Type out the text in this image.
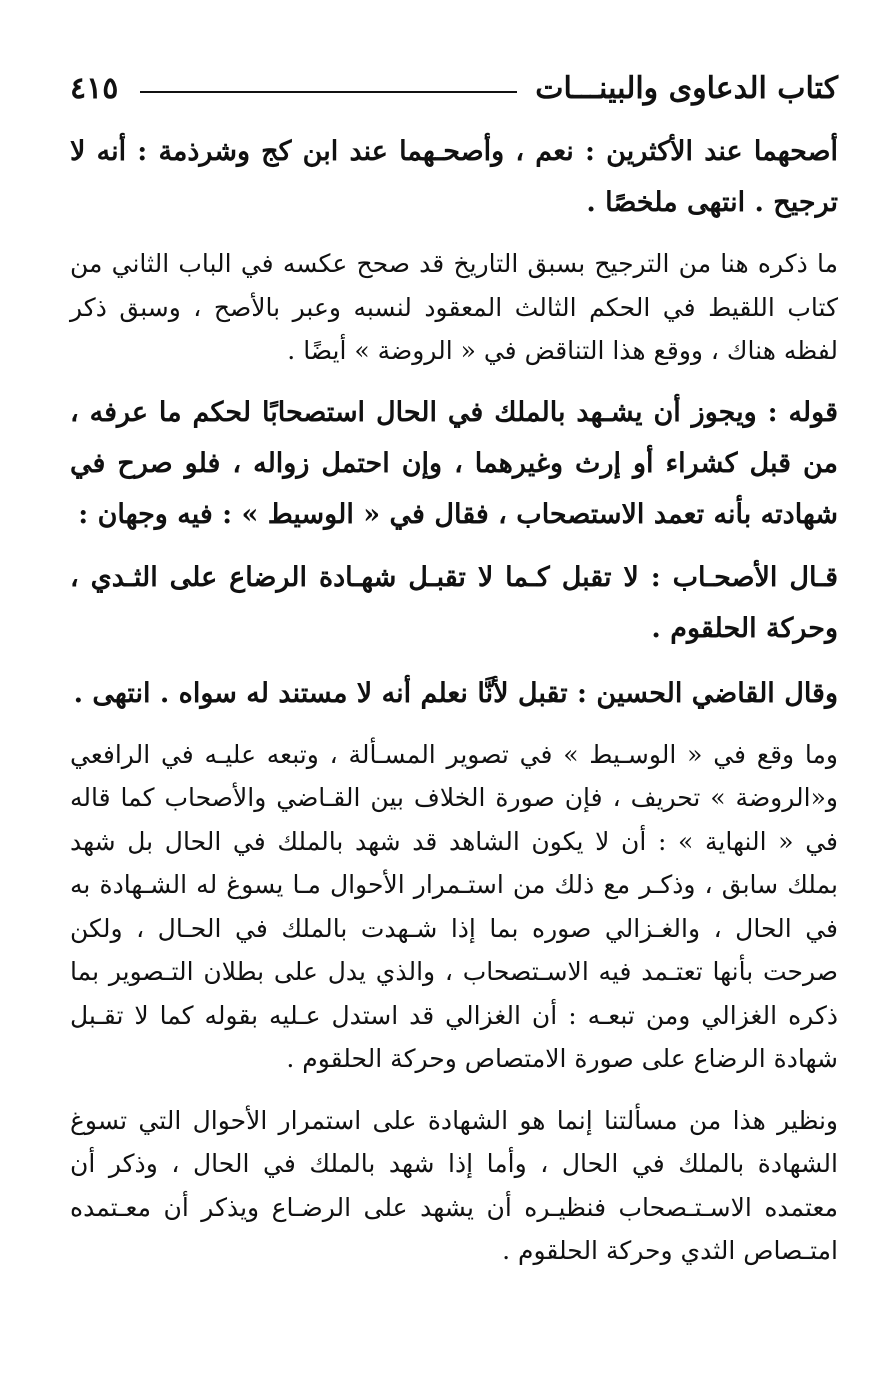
كتاب الدعاوى والبينـــات
٤١٥

أصحهما عند الأكثرين : نعم ، وأصحـهما عند ابن كج وشرذمة : أنه لا ترجيح . انتهى ملخصًا .

ما ذكره هنا من الترجيح بسبق التاريخ قد صحح عكسه في الباب الثاني من كتاب اللقيط في الحكم الثالث المعقود لنسبه وعبر بالأصح ، وسبق ذكر لفظه هناك ، ووقع هذا التناقض في « الروضة » أيضًا .

قوله : ويجوز أن يشـهد بالملك في الحال استصحابًا لحكم ما عرفه ، من قبل كشراء أو إرث وغيرهما ، وإن احتمل زواله ، فلو صرح في شهادته بأنه تعمد الاستصحاب ، فقال في « الوسيط » : فيه وجهان :

قـال الأصحـاب : لا تقبل كـما لا تقبـل شهـادة الرضاع على الثـدي ، وحركة الحلقوم .

وقال القاضي الحسين : تقبل لأنَّا نعلم أنه لا مستند له سواه . انتهى .

وما وقع في « الوسـيط » في تصوير المسـألة ، وتبعه عليـه في الرافعي و«الروضة » تحريف ، فإن صورة الخلاف بين القـاضي والأصحاب كما قاله في « النهاية » : أن لا يكون الشاهد قد شهد بالملك في الحال بل شهد بملك سابق ، وذكـر مع ذلك من استـمرار الأحوال مـا يسوغ له الشـهادة به في الحال ، والغـزالي صوره بما إذا شـهدت بالملك في الحـال ، ولكن صرحت بأنها تعتـمد فيه الاسـتصحاب ، والذي يدل على بطلان التـصوير بما ذكره الغزالي ومن تبعـه : أن الغزالي قد استدل عـليه بقوله كما لا تقـبل شهادة الرضاع على صورة الامتصاص وحركة الحلقوم .

ونظير هذا من مسألتنا إنما هو الشهادة على استمرار الأحوال التي تسوغ الشهادة بالملك في الحال ، وأما إذا شهد بالملك في الحال ، وذكر أن معتمده الاسـتـصحاب فنظيـره أن يشهد على الرضـاع ويذكر أن معـتمده امتـصاص الثدي وحركة الحلقوم .
